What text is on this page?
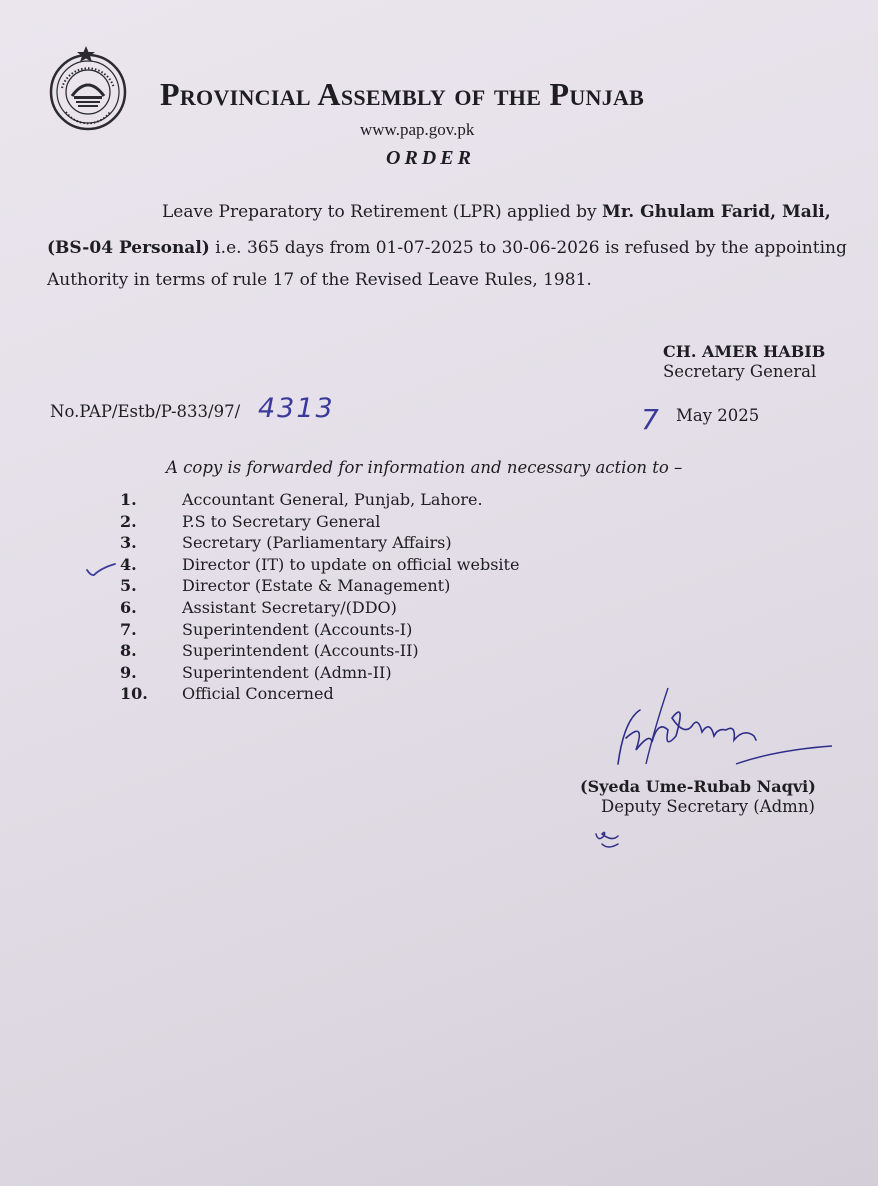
Provincial Assembly of the Punjab
www.pap.gov.pk
ORDER
Leave Preparatory to Retirement (LPR) applied by Mr. Ghulam Farid, Mali,
(BS-04 Personal) i.e. 365 days from 01-07-2025 to 30-06-2026 is refused by the appointing
Authority in terms of rule 17 of the Revised Leave Rules, 1981.
CH. AMER HABIB
Secretary General
No.PAP/Estb/P-833/97/ 4313	7 May 2025
A copy is forwarded for information and necessary action to –
1.	Accountant General, Punjab, Lahore.
2.	P.S to Secretary General
3.	Secretary (Parliamentary Affairs)
4.	Director (IT) to update on official website
5.	Director (Estate & Management)
6.	Assistant Secretary/(DDO)
7.	Superintendent (Accounts-I)
8.	Superintendent (Accounts-II)
9.	Superintendent (Admn-II)
10.	Official Concerned
(Syeda Ume-Rubab Naqvi)
Deputy Secretary (Admn)
